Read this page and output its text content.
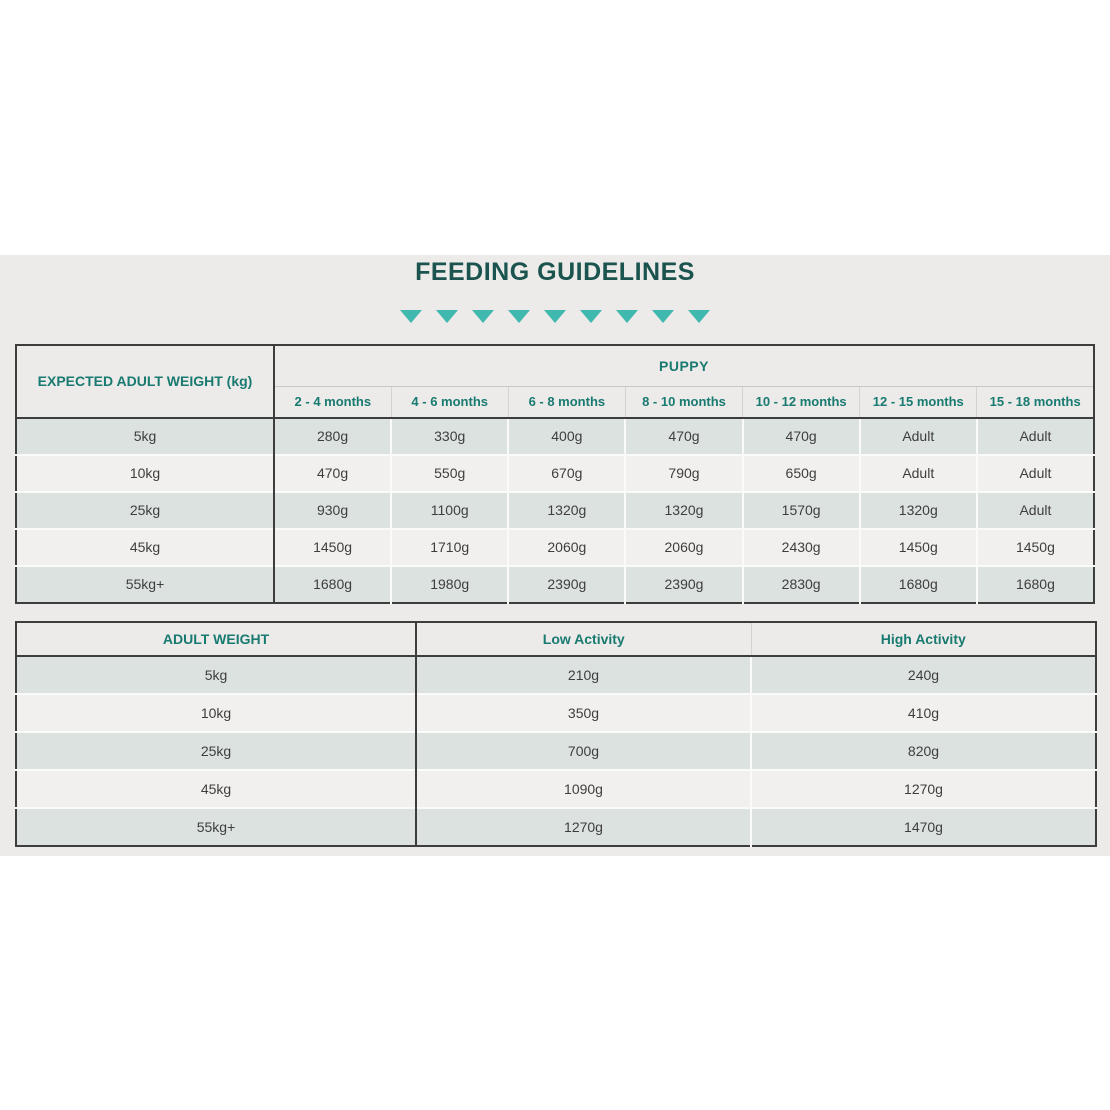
FEEDING GUIDELINES
EXPECTED ADULT WEIGHT (kg)	PUPPY						
	2 - 4 months	4 - 6 months	6 - 8 months	8 - 10 months	10 - 12 months	12 - 15 months	15 - 18 months
5kg	280g	330g	400g	470g	470g	Adult	Adult
10kg	470g	550g	670g	790g	650g	Adult	Adult
25kg	930g	1100g	1320g	1320g	1570g	1320g	Adult
45kg	1450g	1710g	2060g	2060g	2430g	1450g	1450g
55kg+	1680g	1980g	2390g	2390g	2830g	1680g	1680g
ADULT WEIGHT	Low Activity	High Activity
5kg	210g	240g
10kg	350g	410g
25kg	700g	820g
45kg	1090g	1270g
55kg+	1270g	1470g
